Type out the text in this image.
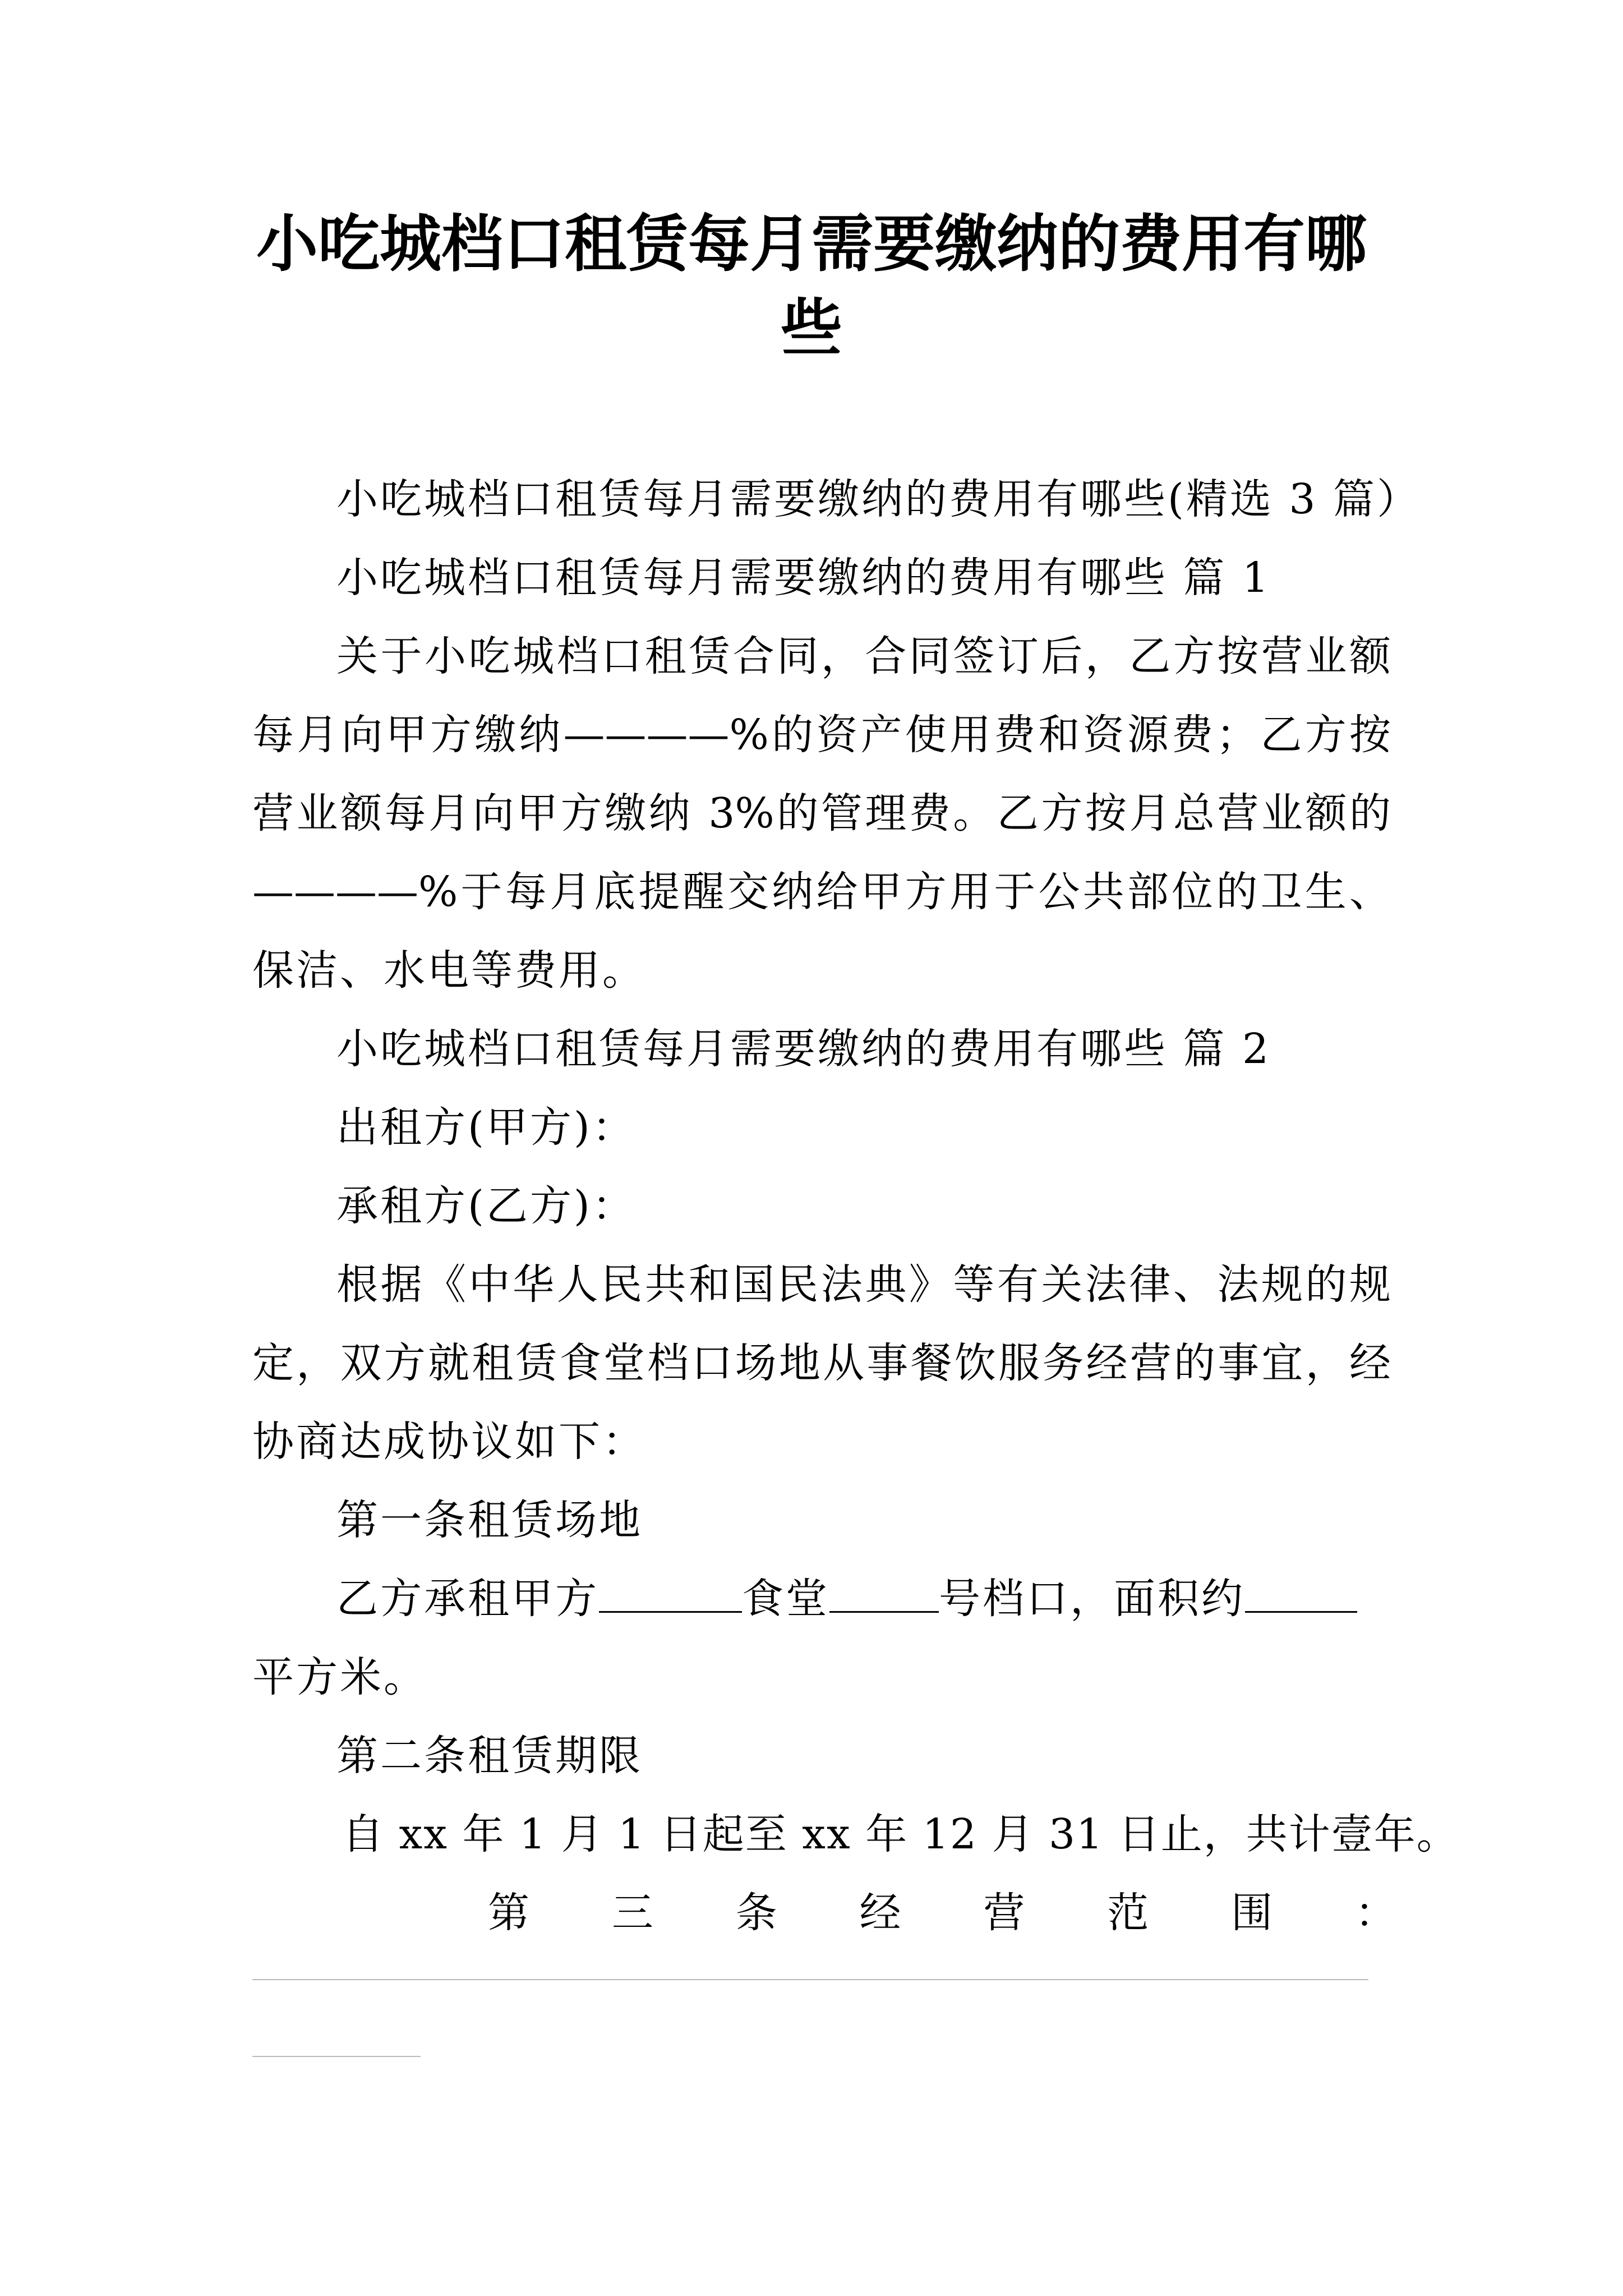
小吃城档口租赁每月需要缴纳的费用有哪
些
小吃城档口租赁每月需要缴纳的费用有哪些(精选 3 篇）
小吃城档口租赁每月需要缴纳的费用有哪些 篇 1
关于小吃城档口租赁合同，合同签订后，乙方按营业额
每月向甲方缴纳————%的资产使用费和资源费；乙方按
营业额每月向甲方缴纳 3%的管理费。乙方按月总营业额的
————%于每月底提醒交纳给甲方用于公共部位的卫生、
保洁、水电等费用。
小吃城档口租赁每月需要缴纳的费用有哪些 篇 2
出租方(甲方)：
承租方(乙方)：
根据《中华人民共和国民法典》等有关法律、法规的规
定，双方就租赁食堂档口场地从事餐饮服务经营的事宜，经
协商达成协议如下：
第一条租赁场地
乙方承租甲方	食堂	号档口，面积约
平方米。
第二条租赁期限
自 xx 年 1 月 1 日起至 xx 年 12 月 31 日止，共计壹年。
第 三 条 经 营 范 围 ：
